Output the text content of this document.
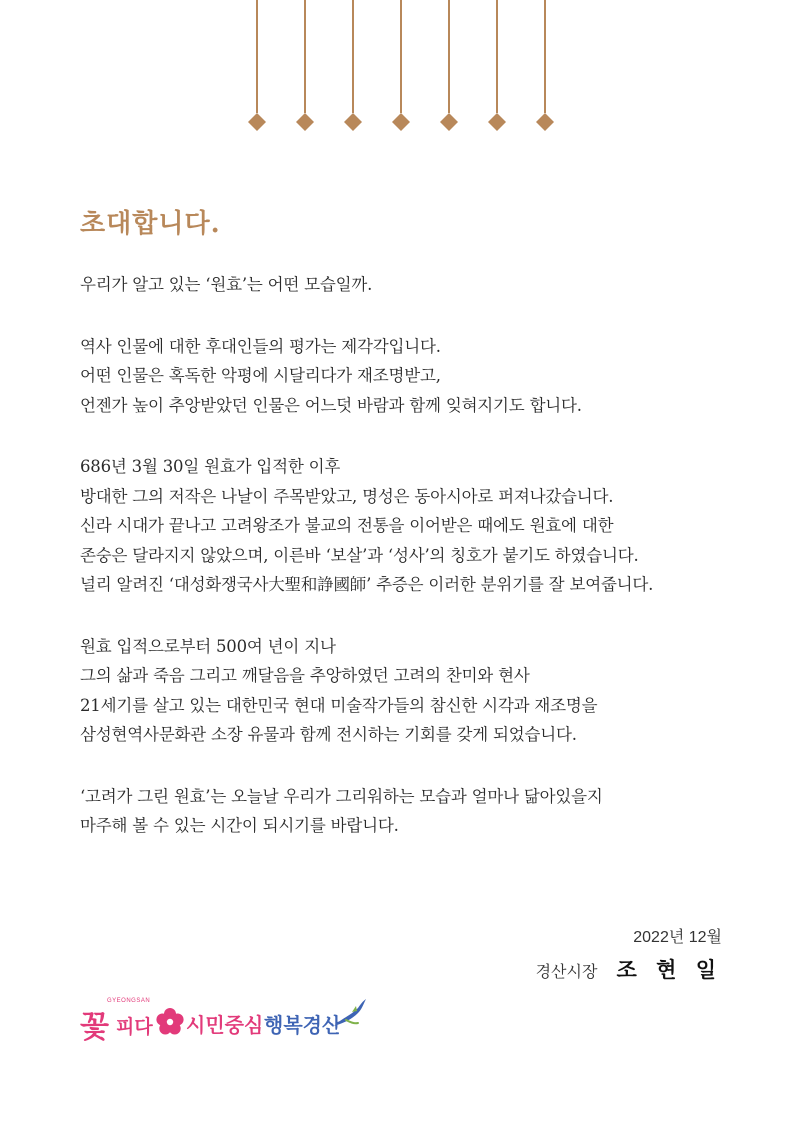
초대합니다.

우리가 알고 있는 ‘원효’는 어떤 모습일까.

역사 인물에 대한 후대인들의 평가는 제각각입니다.
어떤 인물은 혹독한 악평에 시달리다가 재조명받고,
언젠가 높이 추앙받았던 인물은 어느덧 바람과 함께 잊혀지기도 합니다.

686년 3월 30일 원효가 입적한 이후
방대한 그의 저작은 나날이 주목받았고, 명성은 동아시아로 퍼져나갔습니다.
신라 시대가 끝나고 고려왕조가 불교의 전통을 이어받은 때에도 원효에 대한
존숭은 달라지지 않았으며, 이른바 ‘보살’과 ‘성사’의 칭호가 붙기도 하였습니다.
널리 알려진 ‘대성화쟁국사大聖和諍國師’ 추증은 이러한 분위기를 잘 보여줍니다.

원효 입적으로부터 500여 년이 지나
그의 삶과 죽음 그리고 깨달음을 추앙하였던 고려의 찬미와 현사
21세기를 살고 있는 대한민국 현대 미술작가들의 참신한 시각과 재조명을
삼성현역사문화관 소장 유물과 함께 전시하는 기회를 갖게 되었습니다.

‘고려가 그린 원효’는 오늘날 우리가 그리워하는 모습과 얼마나 닮아있을지
마주해 볼 수 있는 시간이 되시기를 바랍니다.

2022년 12월
경산시장 조 현 일
GYEONGSAN
꽃 피다 시민중심 행복경산
